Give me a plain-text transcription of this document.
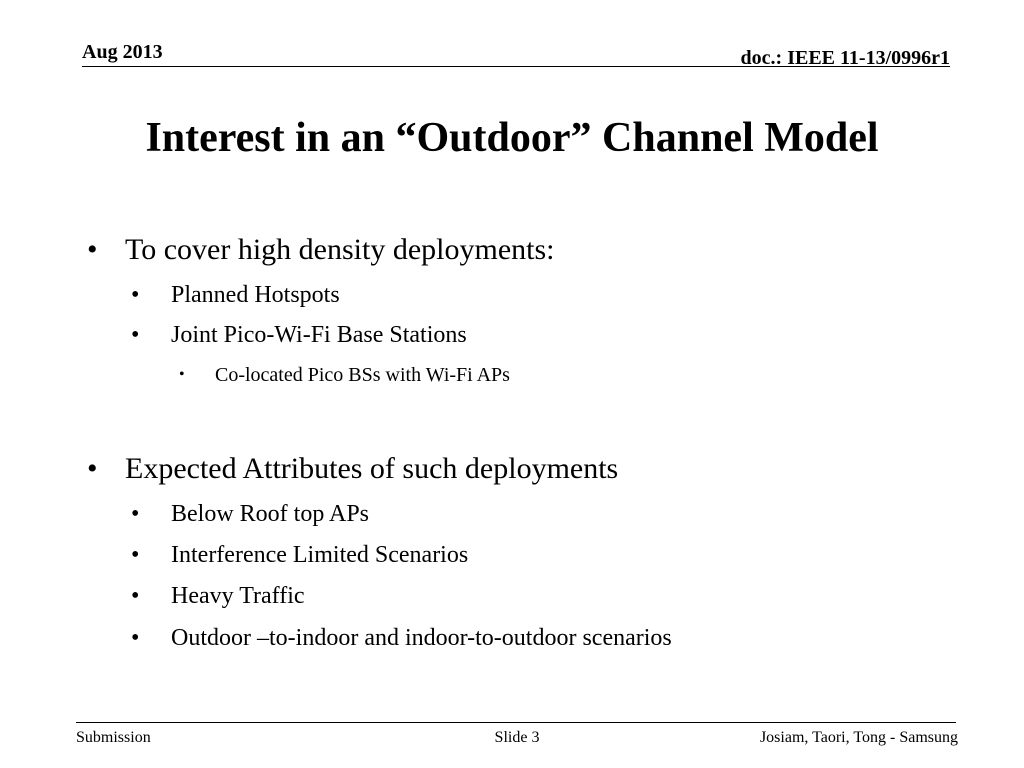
Aug 2013	doc.: IEEE 11-13/0996r1
Interest in an “Outdoor” Channel Model
• To cover high density deployments:
• Planned Hotspots
• Joint Pico-Wi-Fi Base Stations
• Co-located Pico BSs with Wi-Fi APs
• Expected Attributes of such deployments
• Below Roof top APs
• Interference Limited Scenarios
• Heavy Traffic
• Outdoor –to-indoor and indoor-to-outdoor scenarios
Submission	Slide 3	Josiam, Taori, Tong - Samsung
